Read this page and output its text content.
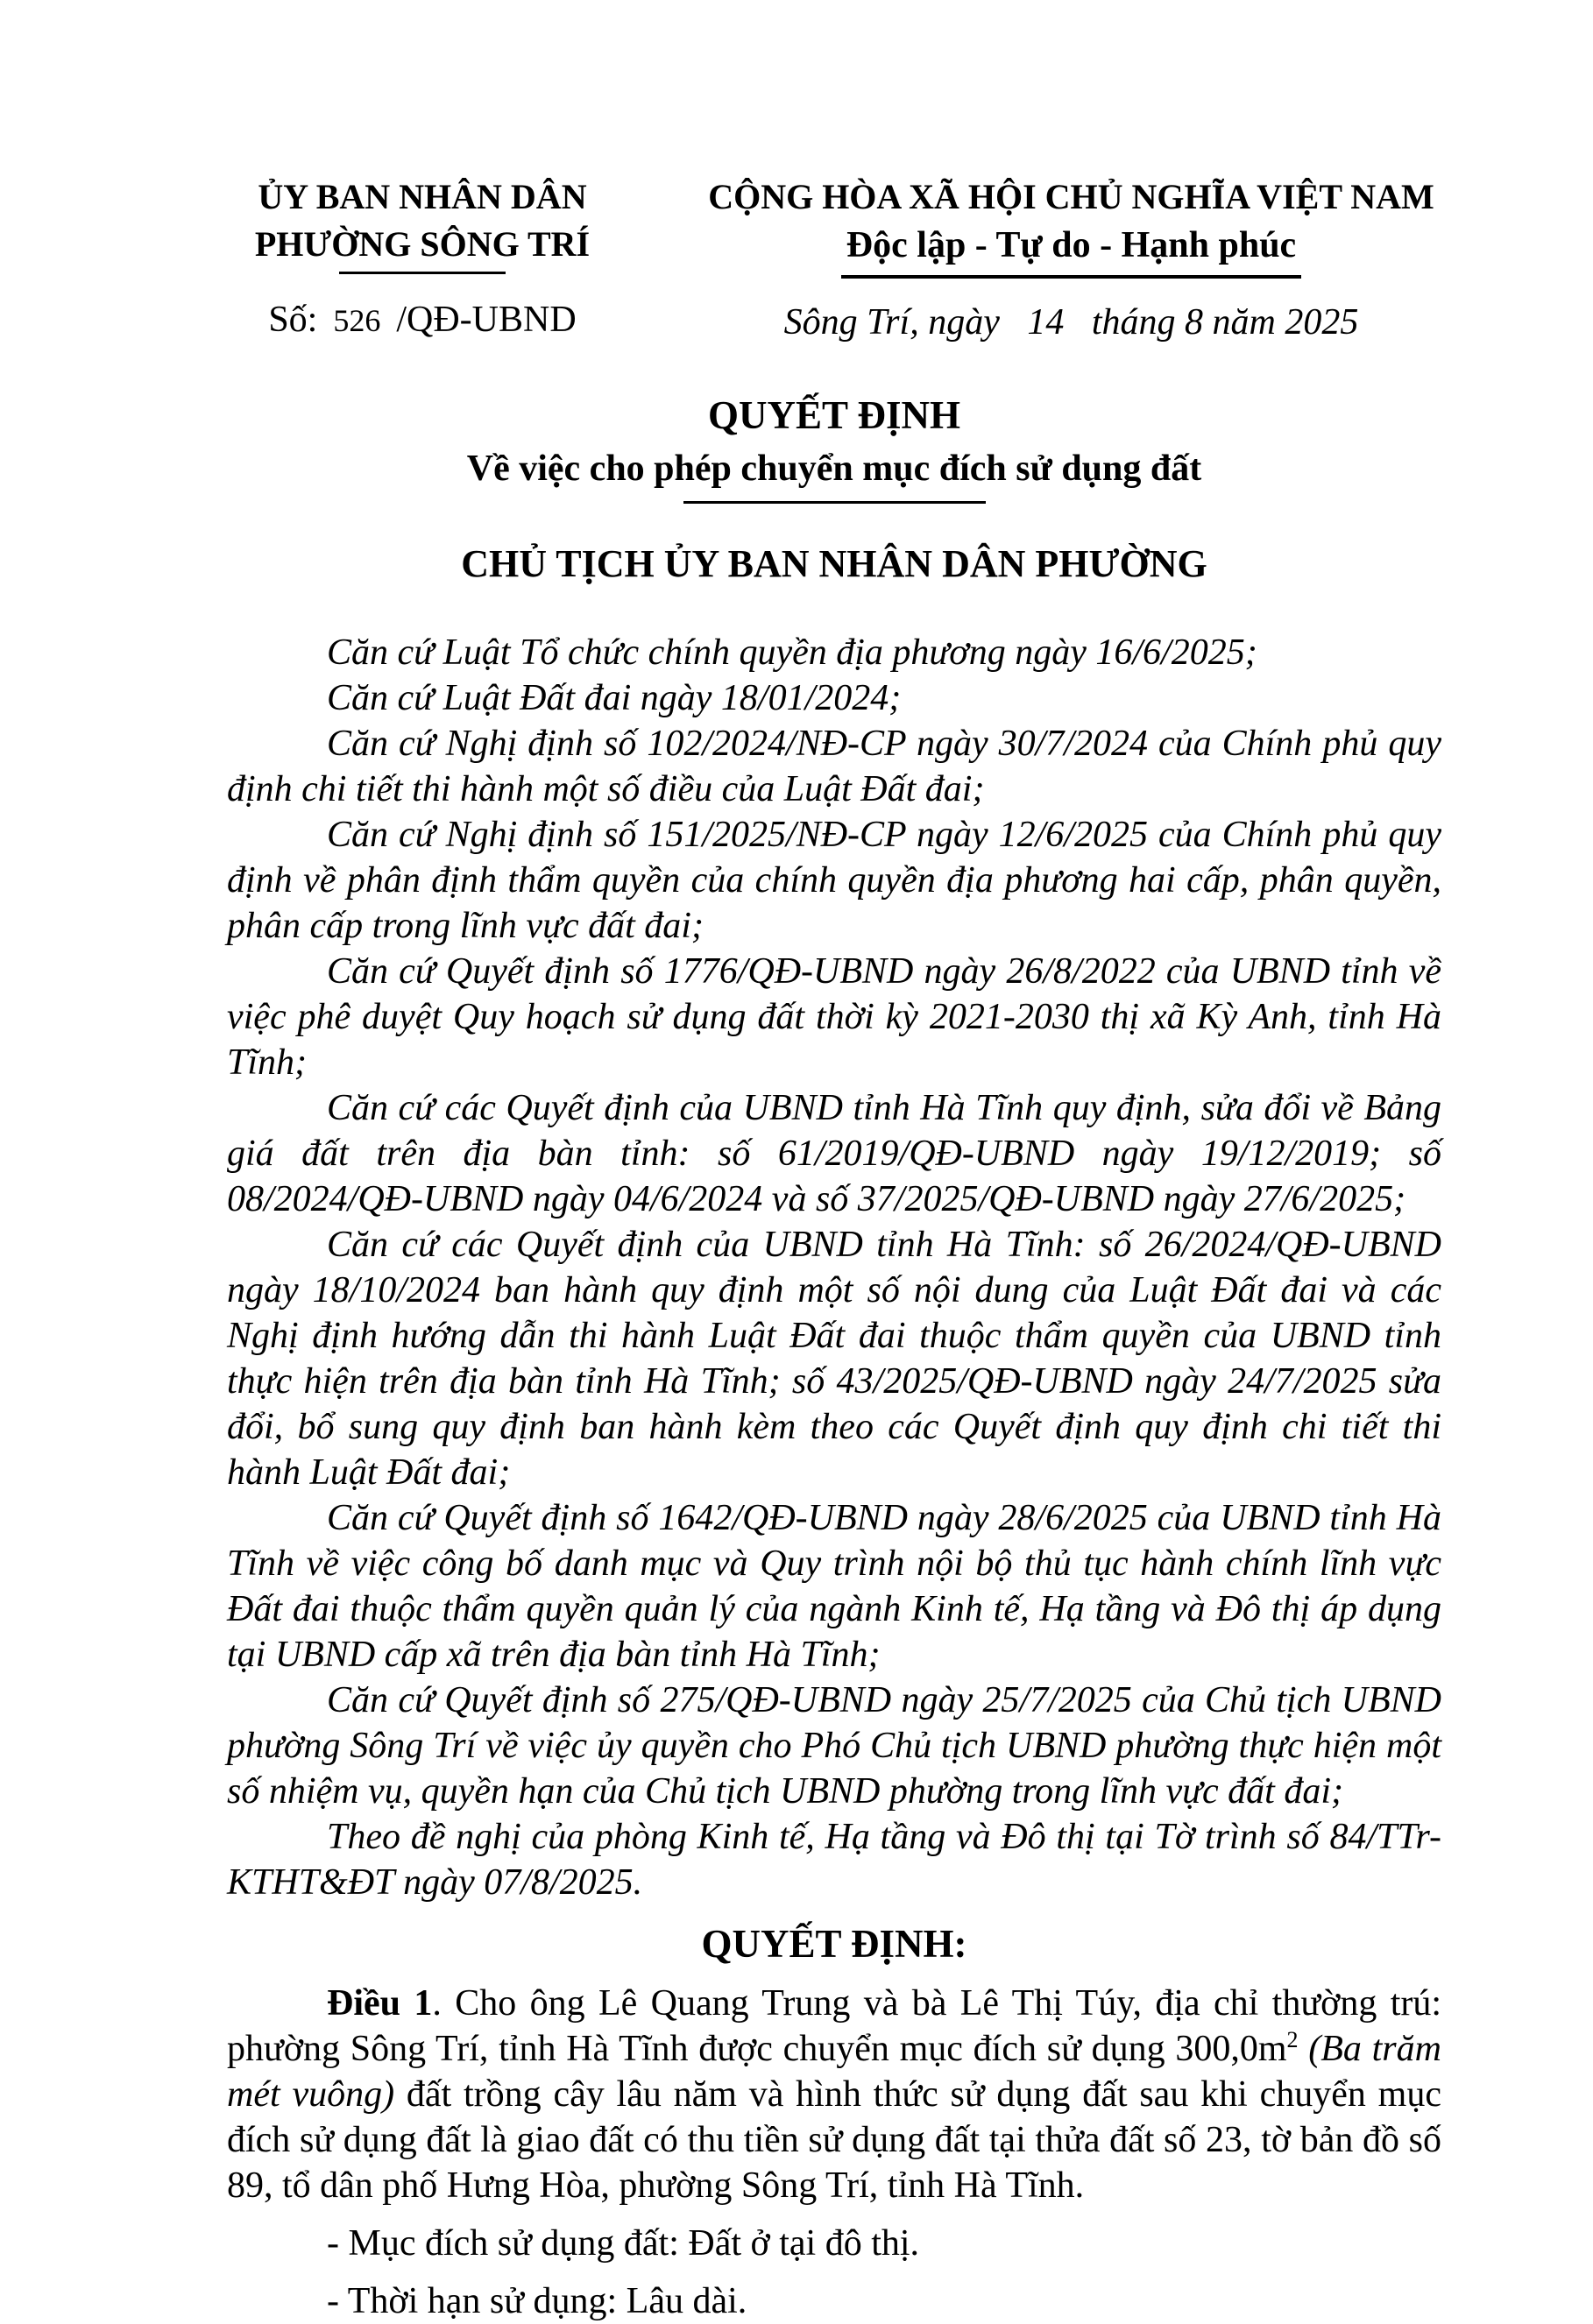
ỦY BAN NHÂN DÂN
PHƯỜNG SÔNG TRÍ
Số: 526 /QĐ-UBND
CỘNG HÒA XÃ HỘI CHỦ NGHĨA VIỆT NAM
Độc lập - Tự do - Hạnh phúc
Sông Trí, ngày   14   tháng 8 năm 2025
QUYẾT ĐỊNH
Về việc cho phép chuyển mục đích sử dụng đất
CHỦ TỊCH ỦY BAN NHÂN DÂN PHƯỜNG

Căn cứ Luật Tổ chức chính quyền địa phương ngày 16/6/2025;

Căn cứ Luật Đất đai ngày 18/01/2024;

Căn cứ Nghị định số 102/2024/NĐ-CP ngày 30/7/2024 của Chính phủ quy định chi tiết thi hành một số điều của Luật Đất đai;

Căn cứ Nghị định số 151/2025/NĐ-CP ngày 12/6/2025 của Chính phủ quy định về phân định thẩm quyền của chính quyền địa phương hai cấp, phân quyền, phân cấp trong lĩnh vực đất đai;

Căn cứ Quyết định số 1776/QĐ-UBND ngày 26/8/2022 của UBND tỉnh về việc phê duyệt Quy hoạch sử dụng đất thời kỳ 2021-2030 thị xã Kỳ Anh, tỉnh Hà Tĩnh;

Căn cứ các Quyết định của UBND tỉnh Hà Tĩnh quy định, sửa đổi về Bảng giá đất trên địa bàn tỉnh: số 61/2019/QĐ-UBND ngày 19/12/2019; số 08/2024/QĐ-UBND ngày 04/6/2024 và số 37/2025/QĐ-UBND ngày 27/6/2025;

Căn cứ các Quyết định của UBND tỉnh Hà Tĩnh: số 26/2024/QĐ-UBND ngày 18/10/2024 ban hành quy định một số nội dung của Luật Đất đai và các Nghị định hướng dẫn thi hành Luật Đất đai thuộc thẩm quyền của UBND tỉnh thực hiện trên địa bàn tỉnh Hà Tĩnh; số 43/2025/QĐ-UBND ngày 24/7/2025 sửa đổi, bổ sung quy định ban hành kèm theo các Quyết định quy định chi tiết thi hành Luật Đất đai;

Căn cứ Quyết định số 1642/QĐ-UBND ngày 28/6/2025 của UBND tỉnh Hà Tĩnh về việc công bố danh mục và Quy trình nội bộ thủ tục hành chính lĩnh vực Đất đai thuộc thẩm quyền quản lý của ngành Kinh tế, Hạ tầng và Đô thị áp dụng tại UBND cấp xã trên địa bàn tỉnh Hà Tĩnh;

Căn cứ Quyết định số 275/QĐ-UBND ngày 25/7/2025 của Chủ tịch UBND phường Sông Trí về việc ủy quyền cho Phó Chủ tịch UBND phường thực hiện một số nhiệm vụ, quyền hạn của Chủ tịch UBND phường trong lĩnh vực đất đai;

Theo đề nghị của phòng Kinh tế, Hạ tầng và Đô thị tại Tờ trình số 84/TTr-KTHT&ĐT ngày 07/8/2025.

QUYẾT ĐỊNH:

Điều 1. Cho ông Lê Quang Trung và bà Lê Thị Túy, địa chỉ thường trú: phường Sông Trí, tỉnh Hà Tĩnh được chuyển mục đích sử dụng $300,0m^2$ (Ba trăm mét vuông) đất trồng cây lâu năm và hình thức sử dụng đất sau khi chuyển mục đích sử dụng đất là giao đất có thu tiền sử dụng đất tại thửa đất số 23, tờ bản đồ số 89, tổ dân phố Hưng Hòa, phường Sông Trí, tỉnh Hà Tĩnh.

- Mục đích sử dụng đất: Đất ở tại đô thị.

- Thời hạn sử dụng: Lâu dài.
